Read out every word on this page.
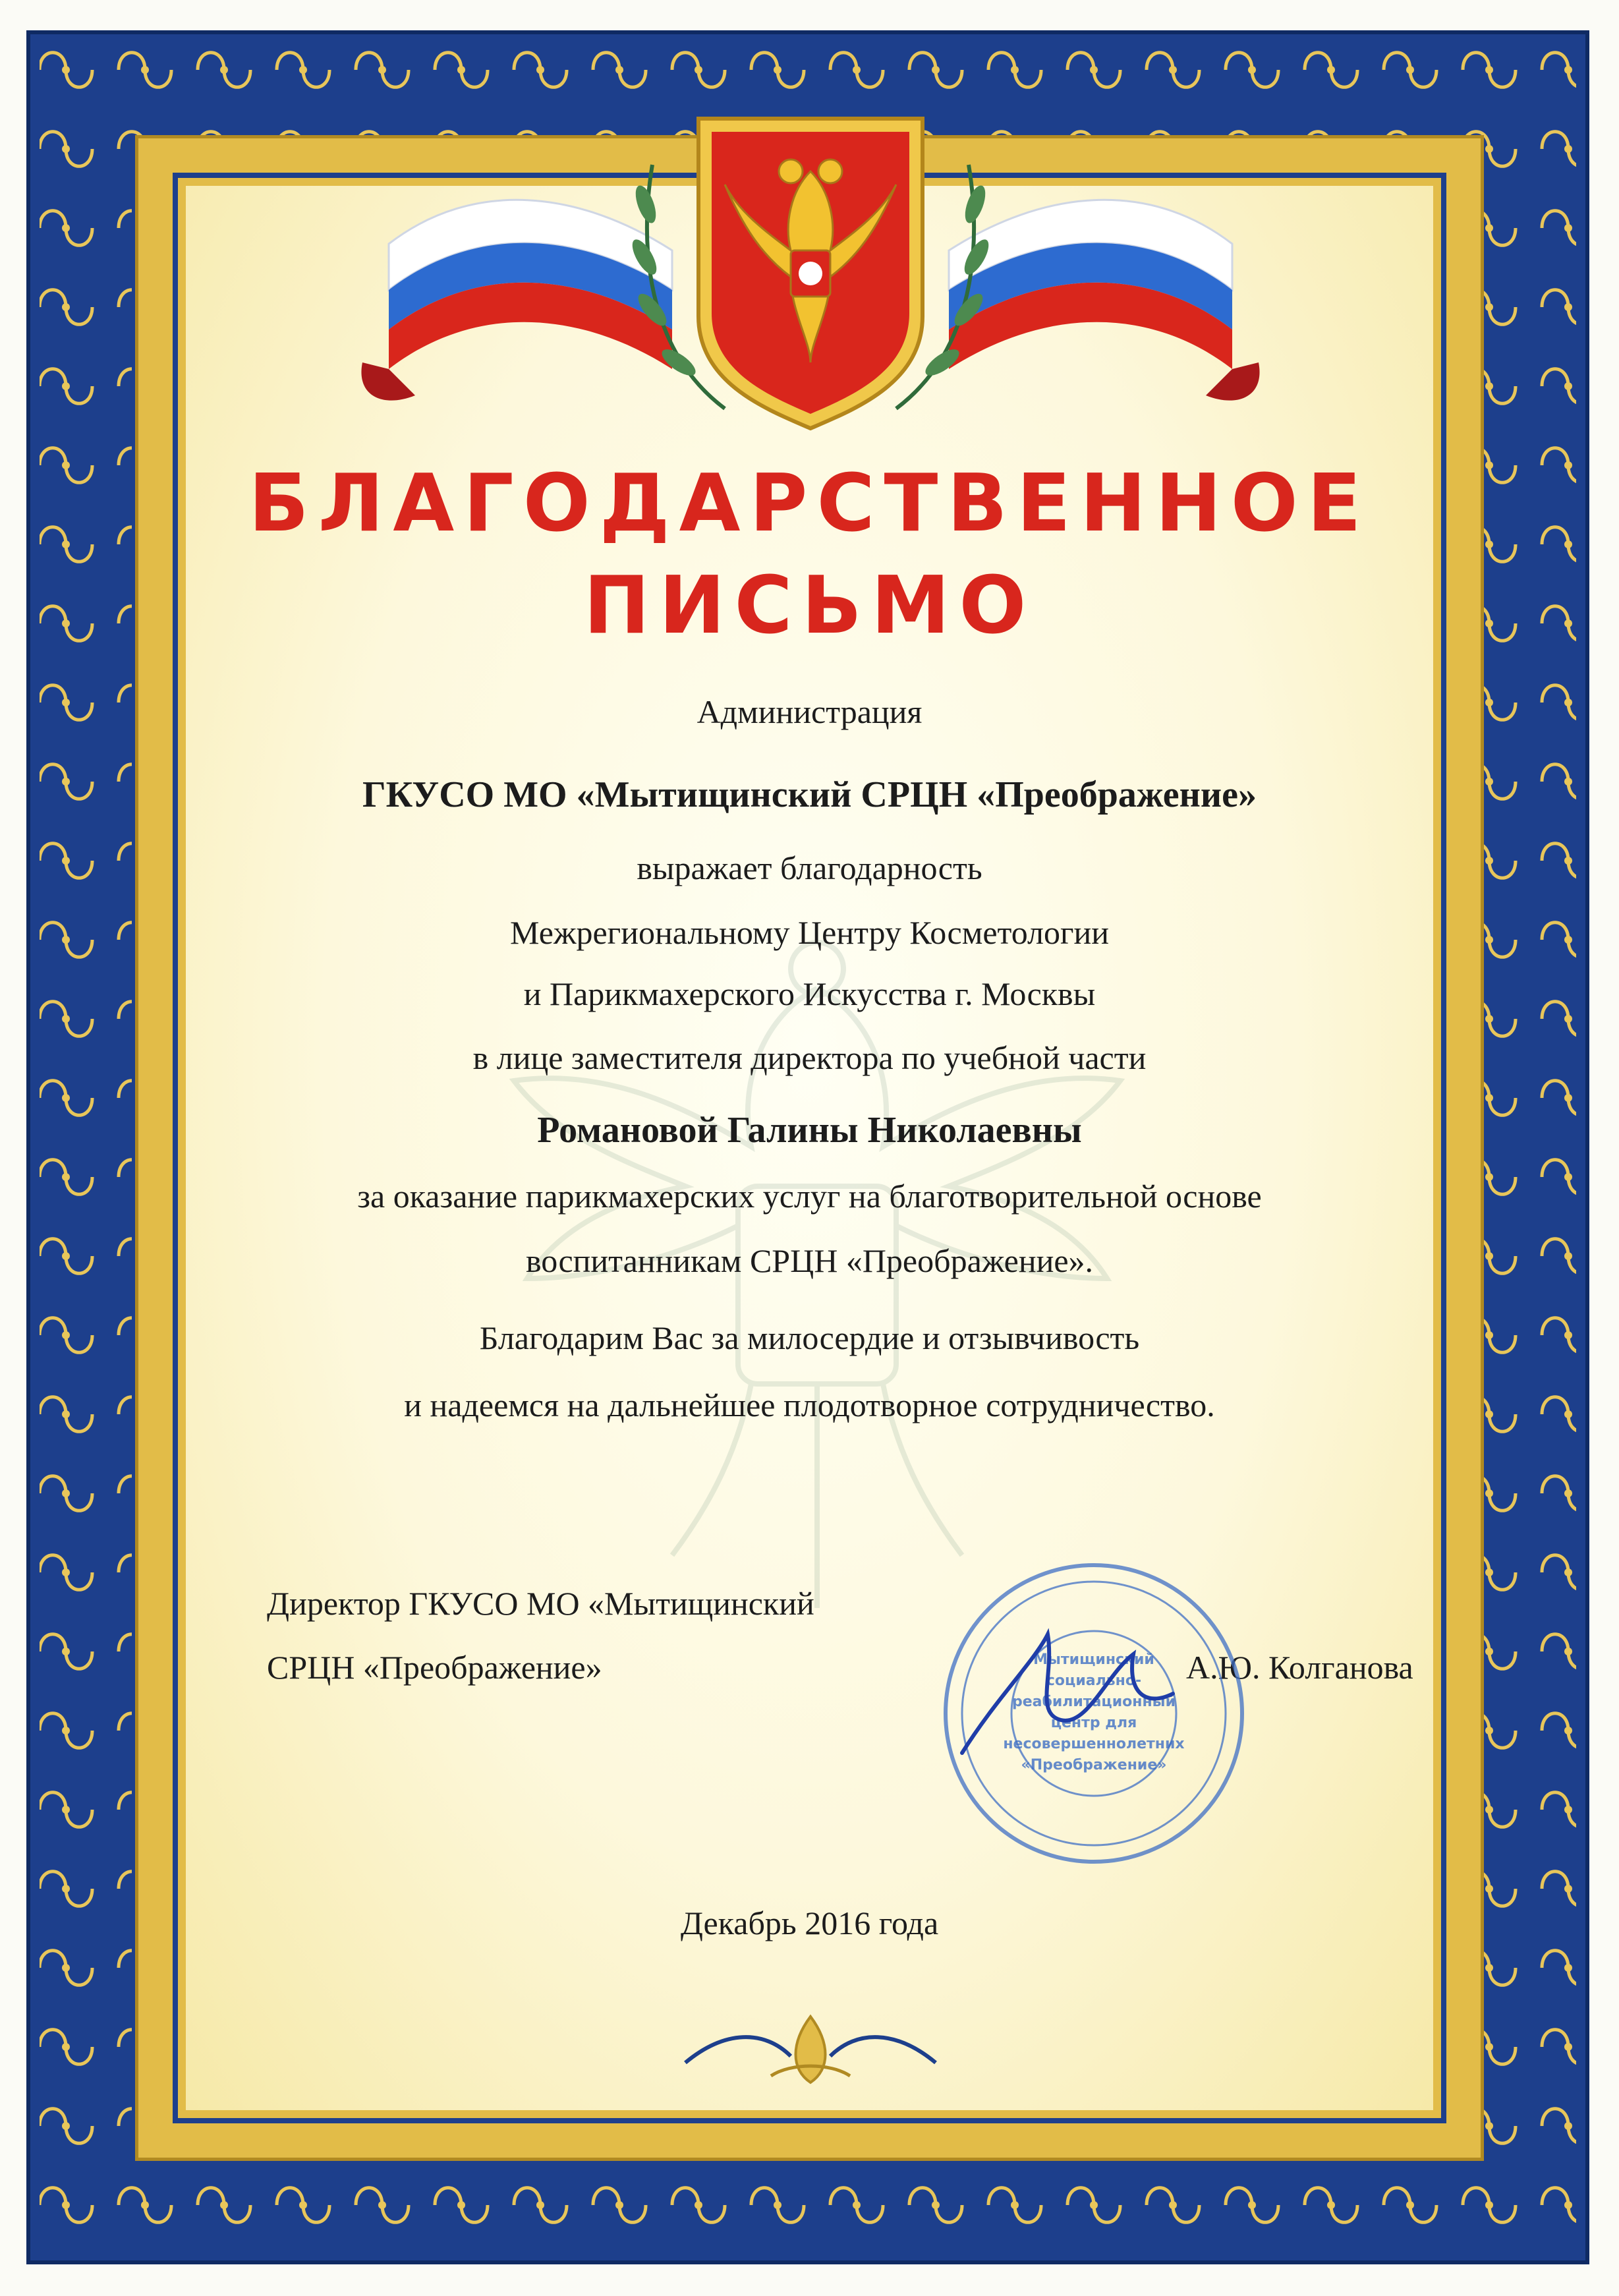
БЛАГОДАРСТВЕННОЕ
ПИСЬМО
Администрация
ГКУСО МО «Мытищинский СРЦН «Преображение»
выражает благодарность
Межрегиональному Центру Косметологии
и Парикмахерского Искусства г. Москвы
в лице заместителя директора по учебной части
Романовой Галины Николаевны
за оказание парикмахерских услуг на благотворительной основе
воспитанникам СРЦН «Преображение».
Благодарим Вас за милосердие и отзывчивость
и надеемся на дальнейшее плодотворное сотрудничество.
Директор ГКУСО МО «Мытищинский
СРЦН «Преображение»	А.Ю. Колганова
Мытищинский
социально-
реабилитационный
центр для
несовершеннолетних
«Преображение»
Декабрь 2016 года
